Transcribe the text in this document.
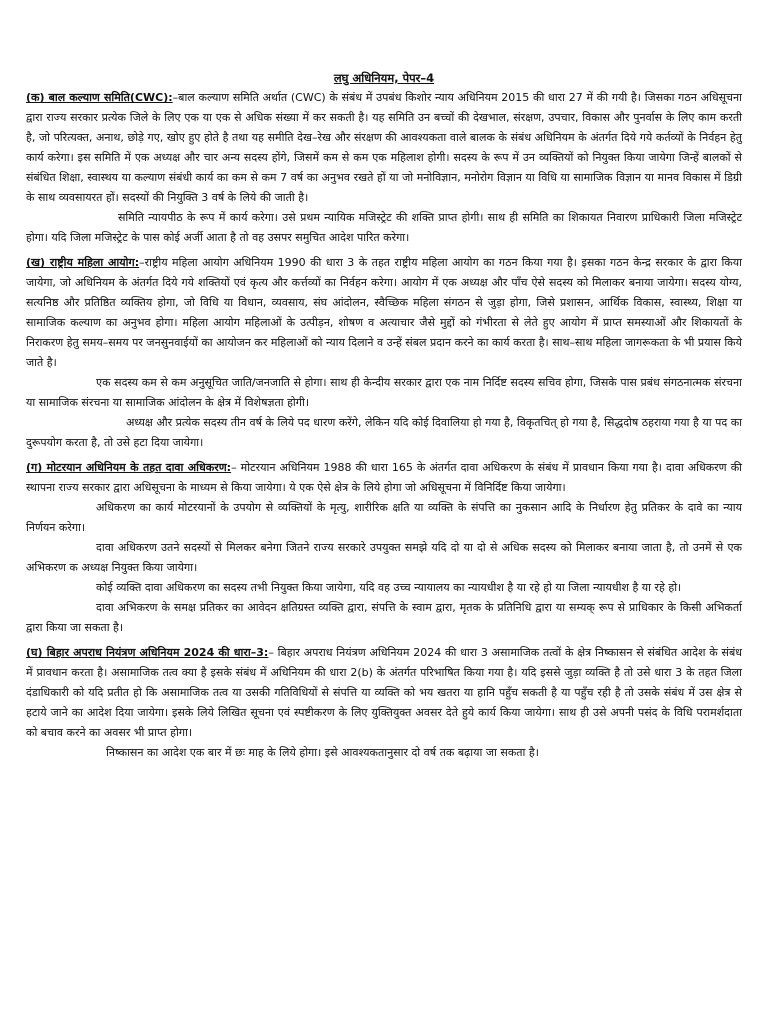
लघु अधिनियम, पेपर–4

(क) बाल कल्याण समिति(CWC):–बाल कल्याण समिति अर्थात (CWC) के संबंध में उपबंध किशोर न्याय अधिनियम 2015 की धारा 27 में की गयी है। जिसका गठन अधिसूचना द्वारा राज्य सरकार प्रत्येक जिले के लिए एक या एक से अधिक संख्या में कर सकती है। यह समिति उन बच्चों की देखभाल, संरक्षण, उपचार, विकास और पुनर्वास के लिए काम करती है, जो परित्यक्त, अनाथ, छोड़े गए, खोए हुए होते है तथा यह समीति देख–रेख और संरक्षण की आवश्यकता वाले बालक के संबंध अधिनियम के अंतर्गत दिये गये कर्तव्यों के निर्वहन हेतु कार्य करेगा। इस समिति में एक अध्यक्ष और चार अन्य सदस्य होंगे, जिसमें कम से कम एक महिलाश होगी। सदस्य के रूप में उन व्यक्तियों को नियुक्त किया जायेगा जिन्हें बालकों से संबंधित शिक्षा, स्वास्थय या कल्याण संबंधी कार्य का कम से कम 7 वर्ष का अनुभव रखते हों या जो मनोविज्ञान, मनोरोग विज्ञान या विधि या सामाजिक विज्ञान या मानव विकास में डिग्री के साथ व्यवसायरत हों। सदस्यों की नियुक्ति 3 वर्ष के लिये की जाती है।

समिति न्यायपीठ के रूप में कार्य करेगा। उसे प्रथम न्यायिक मजिस्ट्रेट की शक्ति प्राप्त होगी। साथ ही समिति का शिकायत निवारण प्राधिकारी जिला मजिस्ट्रेट होगा। यदि जिला मजिस्ट्रेट के पास कोई अर्जी आता है तो वह उसपर समुचित आदेश पारित करेगा।

(ख) राष्ट्रीय महिला आयोग:–राष्ट्रीय महिला आयोग अधिनियम 1990 की धारा 3 के तहत राष्ट्रीय महिला आयोग का गठन किया गया है। इसका गठन केन्द्र सरकार के द्वारा किया जायेगा, जो अधिनियम के अंतर्गत दिये गये शक्तियों एवं कृत्य और कर्त्तव्यों का निर्वहन करेगा। आयोग में एक अध्यक्ष और पाँच ऐसे सदस्य को मिलाकर बनाया जायेगा। सदस्य योग्य, सत्यनिष्ठ और प्रतिष्ठित व्यक्तिय होगा, जो विधि या विधान, व्यवसाय, संघ आंदोलन, स्वैच्छिक महिला संगठन से जुड़ा होगा, जिसे प्रशासन, आर्थिक विकास, स्वास्थ्य, शिक्षा या सामाजिक कल्याण का अनुभव होगा। महिला आयोग महिलाओं के उत्पीड़न, शोषण व अत्याचार जैसे मुद्दों को गंभीरता से लेते हुए आयोग में प्राप्त समस्याओं और शिकायतों के निराकरण हेतु समय–समय पर जनसुनवाईयों का आयोजन कर महिलाओं को न्याय दिलाने व उन्हें संबल प्रदान करने का कार्य करता है। साथ–साथ महिला जागरूकता के भी प्रयास किये जाते है।

एक सदस्य कम से कम अनुसूचित जाति/जनजाति से होगा। साथ ही केन्दीय सरकार द्वारा एक नाम निर्दिष्ट सदस्य सचिव होगा, जिसके पास प्रबंध संगठनात्मक संरचना या सामाजिक संरचना या सामाजिक आंदोलन के क्षेत्र में विशेषज्ञता होगी।

अध्यक्ष और प्रत्येक सदस्य तीन वर्ष के लिये पद धारण करेंगे, लेकिन यदि कोई दिवालिया हो गया है, विकृतचित् हो गया है, सिद्धदोष ठहराया गया है या पद का दुरूपयोग करता है, तो उसे हटा दिया जायेगा।

(ग) मोटरयान अधिनियम के तहत दावा अधिकरण:– मोटरयान अधिनियम 1988 की धारा 165 के अंतर्गत दावा अधिकरण के संबंध में प्रावधान किया गया है। दावा अधिकरण की स्थापना राज्य सरकार द्वारा अधिसूचना के माध्यम से किया जायेगा। ये एक ऐसे क्षेत्र के लिये होगा जो अधिसूचना में विनिर्दिष्ट किया जायेगा।

अधिकरण का कार्य मोटरयानों के उपयोग से व्यक्तियों के मृत्यु, शारीरिक क्षति या व्यक्ति के संपत्ति का नुकसान आदि के निर्धारण हेतु प्रतिकर के दावे का न्याय निर्णयन करेगा।

दावा अधिकरण उतने सदस्यों से मिलकर बनेगा जितने राज्य सरकारे उपयुक्त समझे यदि दो या दो से अधिक सदस्य को मिलाकर बनाया जाता है, तो उनमें से एक अभिकरण क अध्यक्ष नियुक्त किया जायेगा।

कोई व्यक्ति दावा अधिकरण का सदस्य तभी नियुक्त किया जायेगा, यदि वह उच्च न्यायालय का न्यायधीश है या रहे हो या जिला न्यायधीश है या रहे हो।

दावा अभिकरण के समक्ष प्रतिकर का आवेदन क्षतिग्रस्त व्यक्ति द्वारा, संपत्ति के स्वाम द्वारा, मृतक के प्रतिनिधि द्वारा या सम्यक् रूप से प्राधिकार के किसी अभिकर्ता द्वारा किया जा सकता है।

(घ) बिहार अपराध नियंत्रण अधिनियम 2024 की धारा–3:– बिहार अपराध नियंत्रण अधिनियम 2024 की धारा 3 असामाजिक तत्वों के क्षेत्र निष्कासन से संबंधित आदेश के संबंध में प्रावधान करता है। असामाजिक तत्व क्या है इसके संबंध में अधिनियम की धारा 2(b) के अंतर्गत परिभाषित किया गया है। यदि इससे जुड़ा व्यक्ति है तो उसे धारा 3 के तहत जिला दंडाधिकारी को यदि प्रतीत हो कि असामाजिक तत्व या उसकी गतिविधियों से संपत्ति या व्यक्ति को भय खतरा या हानि पहुँच सकती है या पहुँच रही है तो उसके संबंध में उस क्षेत्र से हटाये जाने का आदेश दिया जायेगा। इसके लिये लिखित सूचना एवं स्पष्टीकरण के लिए युक्तियुक्त अवसर देते हुये कार्य किया जायेगा। साथ ही उसे अपनी पसंद के विधि परामर्शदाता को बचाव करने का अवसर भी प्राप्त होगा।

निष्कासन का आदेश एक बार में छः माह के लिये होगा। इसे आवश्यकतानुसार दो वर्ष तक बढ़ाया जा सकता है।
